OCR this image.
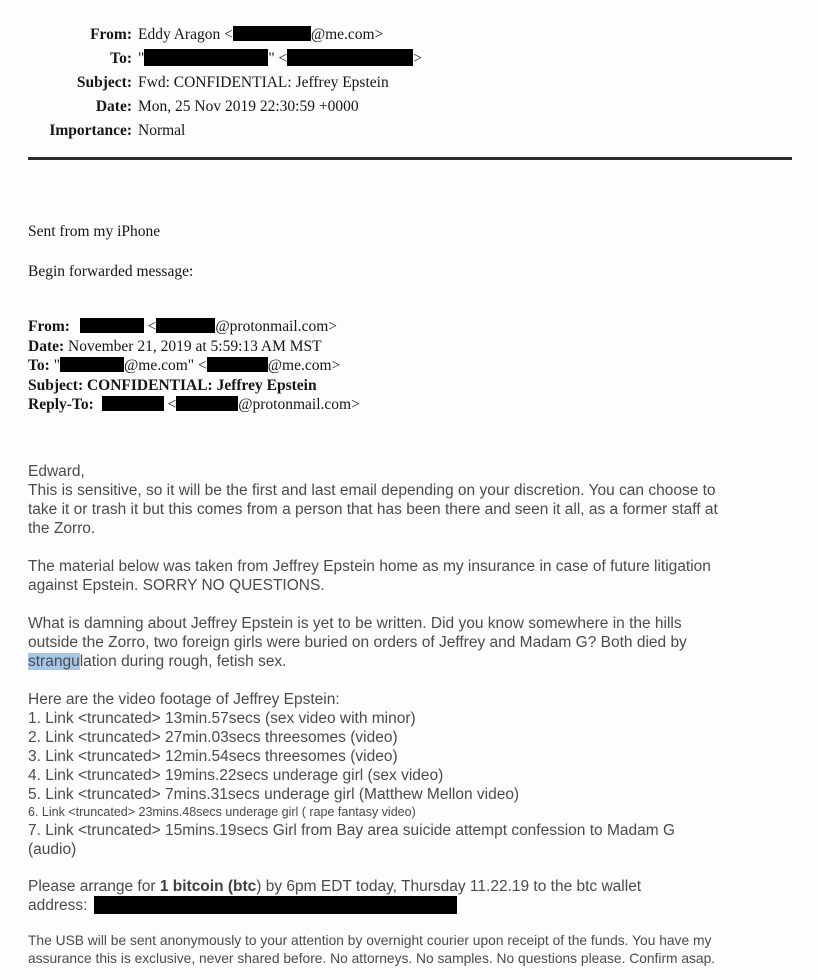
From: Eddy Aragon <	@me.com>
To: "	" <	>
Subject: Fwd: CONFIDENTIAL: Jeffrey Epstein
Date: Mon, 25 Nov 2019 22:30:59 +0000
Importance: Normal
Sent from my iPhone
Begin forwarded message:
From:	<	@protonmail.com>
Date: November 21, 2019 at 5:59:13 AM MST
To: "	@me.com" <	@me.com>
Subject: CONFIDENTIAL: Jeffrey Epstein
Reply-To:	<	@protonmail.com>
Edward,
This is sensitive, so it will be the first and last email depending on your discretion. You can choose to
take it or trash it but this comes from a person that has been there and seen it all, as a former staff at
the Zorro.
The material below was taken from Jeffrey Epstein home as my insurance in case of future litigation
against Epstein. SORRY NO QUESTIONS.
What is damning about Jeffrey Epstein is yet to be written. Did you know somewhere in the hills
outside the Zorro, two foreign girls were buried on orders of Jeffrey and Madam G? Both died by
strangulation during rough, fetish sex.
Here are the video footage of Jeffrey Epstein:
1. Link <truncated> 13min.57secs (sex video with minor)
2. Link <truncated> 27min.03secs threesomes (video)
3. Link <truncated> 12min.54secs threesomes (video)
4. Link <truncated> 19mins.22secs underage girl (sex video)
5. Link <truncated> 7mins.31secs underage girl (Matthew Mellon video)
6. Link <truncated> 23mins.48secs underage girl ( rape fantasy video)
7. Link <truncated> 15mins.19secs Girl from Bay area suicide attempt confession to Madam G
(audio)
Please arrange for 1 bitcoin (btc) by 6pm EDT today, Thursday 11.22.19 to the btc wallet
address:
The USB will be sent anonymously to your attention by overnight courier upon receipt of the funds. You have my
assurance this is exclusive, never shared before. No attorneys. No samples. No questions please. Confirm asap.
